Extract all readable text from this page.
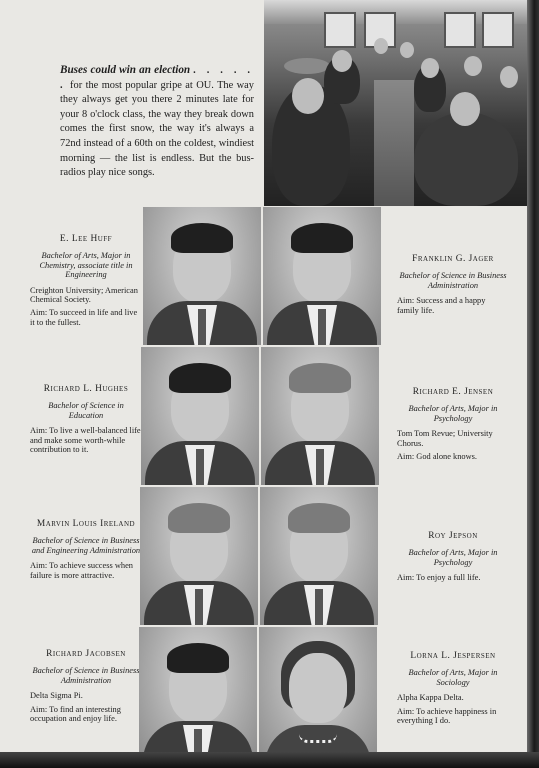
Buses could win an election . . . . . . for the most popular gripe at OU. The way they always get you there 2 minutes late for your 8 o'clock class, the way they break down comes the first snow, the way it's always a 72nd instead of a 60th on the coldest, windiest morning — the list is endless. But the bus-radios play nice songs.
E. Lee Huff
Bachelor of Arts, Major in Chemistry, associate title in Engineering
Creighton University; American Chemical Society.
Aim: To succeed in life and live it to the fullest.
Franklin G. Jager
Bachelor of Science in Business Administration
Aim: Success and a happy family life.
Richard L. Hughes
Bachelor of Science in Education
Aim: To live a well-balanced life and make some worth-while contribution to it.
Richard E. Jensen
Bachelor of Arts, Major in Psychology
Tom Tom Revue; University Chorus.
Aim: God alone knows.
Marvin Louis Ireland
Bachelor of Science in Business and Engineering Administration
Aim: To achieve success when failure is more attractive.
Roy Jepson
Bachelor of Arts, Major in Psychology
Aim: To enjoy a full life.
Richard Jacobsen
Bachelor of Science in Business Administration
Delta Sigma Pi.
Aim: To find an interesting occupation and enjoy life.
Lorna L. Jespersen
Bachelor of Arts, Major in Sociology
Alpha Kappa Delta.
Aim: To achieve happiness in everything I do.
